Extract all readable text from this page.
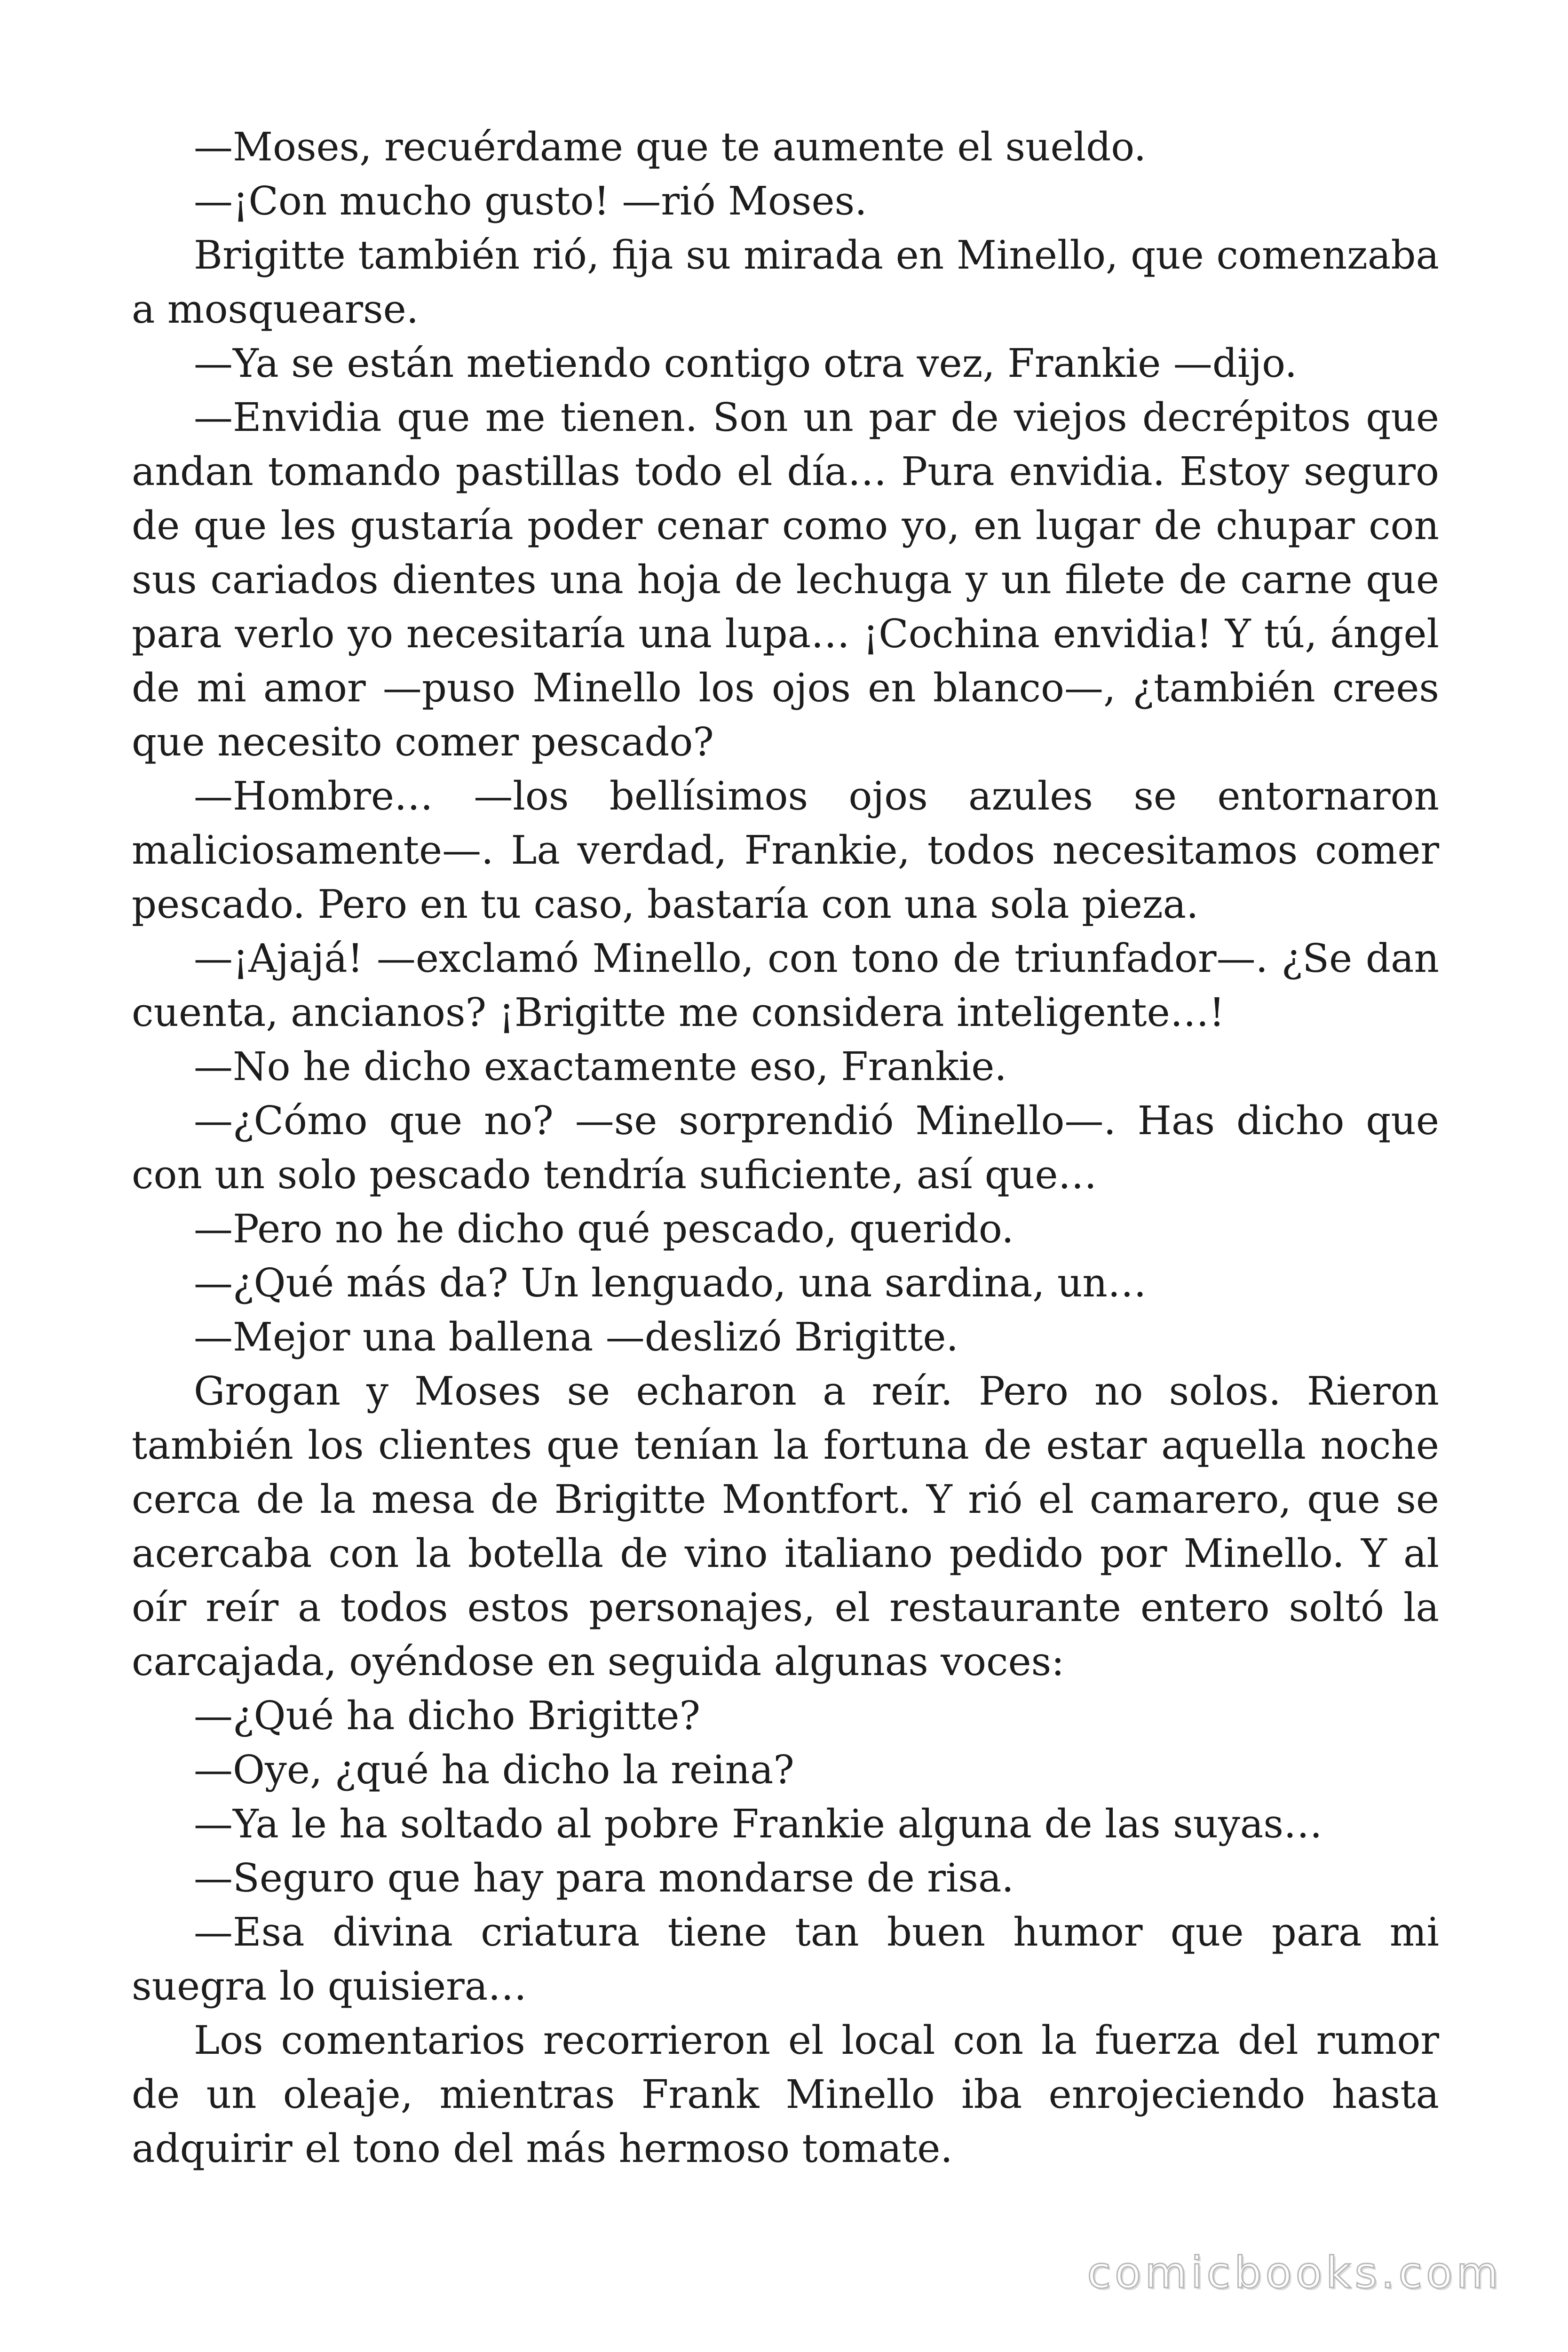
—Moses, recuérdame que te aumente el sueldo.

—¡Con mucho gusto! —rió Moses.

Brigitte también rió, fija su mirada en Minello, que comenzaba a mosquearse.

—Ya se están metiendo contigo otra vez, Frankie —dijo.

—Envidia que me tienen. Son un par de viejos decrépitos que andan tomando pastillas todo el día… Pura envidia. Estoy seguro de que les gustaría poder cenar como yo, en lugar de chupar con sus cariados dientes una hoja de lechuga y un filete de carne que para verlo yo necesitaría una lupa… ¡Cochina envidia! Y tú, ángel de mi amor —puso Minello los ojos en blanco—, ¿también crees que necesito comer pescado?

—Hombre… —los bellísimos ojos azules se entornaron maliciosamente—. La verdad, Frankie, todos necesitamos comer pescado. Pero en tu caso, bastaría con una sola pieza.

—¡Ajajá! —exclamó Minello, con tono de triunfador—. ¿Se dan cuenta, ancianos? ¡Brigitte me considera inteligente…!

—No he dicho exactamente eso, Frankie.

—¿Cómo que no? —se sorprendió Minello—. Has dicho que con un solo pescado tendría suficiente, así que…

—Pero no he dicho qué pescado, querido.

—¿Qué más da? Un lenguado, una sardina, un…

—Mejor una ballena —deslizó Brigitte.

Grogan y Moses se echaron a reír. Pero no solos. Rieron también los clientes que tenían la fortuna de estar aquella noche cerca de la mesa de Brigitte Montfort. Y rió el camarero, que se acercaba con la botella de vino italiano pedido por Minello. Y al oír reír a todos estos personajes, el restaurante entero soltó la carcajada, oyéndose en seguida algunas voces:

—¿Qué ha dicho Brigitte?

—Oye, ¿qué ha dicho la reina?

—Ya le ha soltado al pobre Frankie alguna de las suyas…

—Seguro que hay para mondarse de risa.

—Esa divina criatura tiene tan buen humor que para mi suegra lo quisiera…

Los comentarios recorrieron el local con la fuerza del rumor de un oleaje, mientras Frank Minello iba enrojeciendo hasta adquirir el tono del más hermoso tomate.

comicbooks.com
